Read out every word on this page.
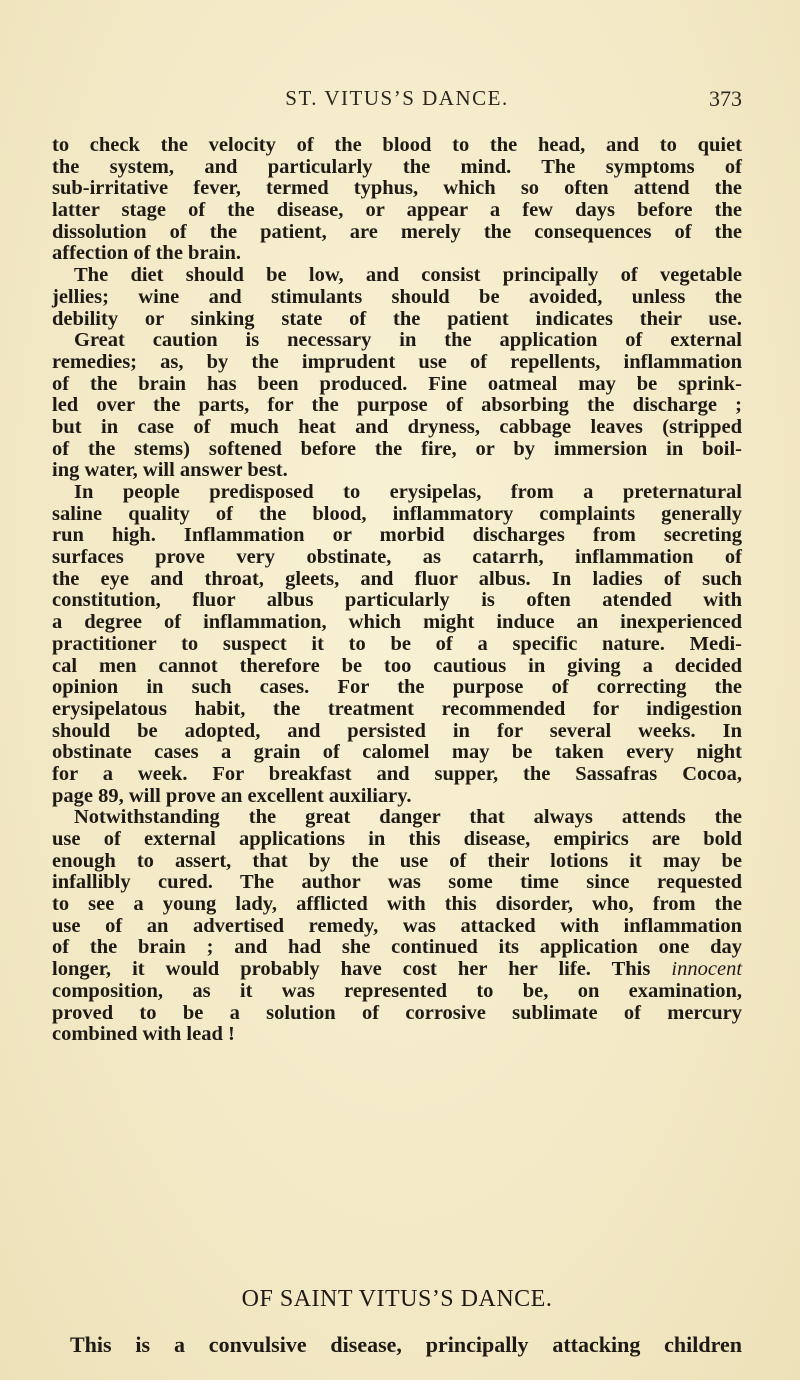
ST. VITUS’S DANCE.	373
to check the velocity of the blood to the head, and to quiet
the system, and particularly the mind. The symptoms of
sub-irritative fever, termed typhus, which so often attend the
latter stage of the disease, or appear a few days before the
dissolution of the patient, are merely the consequences of the
affection of the brain.
The diet should be low, and consist principally of vegetable
jellies; wine and stimulants should be avoided, unless the
debility or sinking state of the patient indicates their use.
Great caution is necessary in the application of external
remedies; as, by the imprudent use of repellents, inflammation
of the brain has been produced. Fine oatmeal may be sprink-
led over the parts, for the purpose of absorbing the discharge ;
but in case of much heat and dryness, cabbage leaves (stripped
of the stems) softened before the fire, or by immersion in boil-
ing water, will answer best.
In people predisposed to erysipelas, from a preternatural
saline quality of the blood, inflammatory complaints generally
run high. Inflammation or morbid discharges from secreting
surfaces prove very obstinate, as catarrh, inflammation of
the eye and throat, gleets, and fluor albus. In ladies of such
constitution, fluor albus particularly is often atended with
a degree of inflammation, which might induce an inexperienced
practitioner to suspect it to be of a specific nature. Medi-
cal men cannot therefore be too cautious in giving a decided
opinion in such cases. For the purpose of correcting the
erysipelatous habit, the treatment recommended for indigestion
should be adopted, and persisted in for several weeks. In
obstinate cases a grain of calomel may be taken every night
for a week. For breakfast and supper, the Sassafras Cocoa,
page 89, will prove an excellent auxiliary.
Notwithstanding the great danger that always attends the
use of external applications in this disease, empirics are bold
enough to assert, that by the use of their lotions it may be
infallibly cured. The author was some time since requested
to see a young lady, afflicted with this disorder, who, from the
use of an advertised remedy, was attacked with inflammation
of the brain ; and had she continued its application one day
longer, it would probably have cost her her life. This innocent
composition, as it was represented to be, on examination,
proved to be a solution of corrosive sublimate of mercury
combined with lead !
OF SAINT VITUS’S DANCE.
This is a convulsive disease, principally attacking children
